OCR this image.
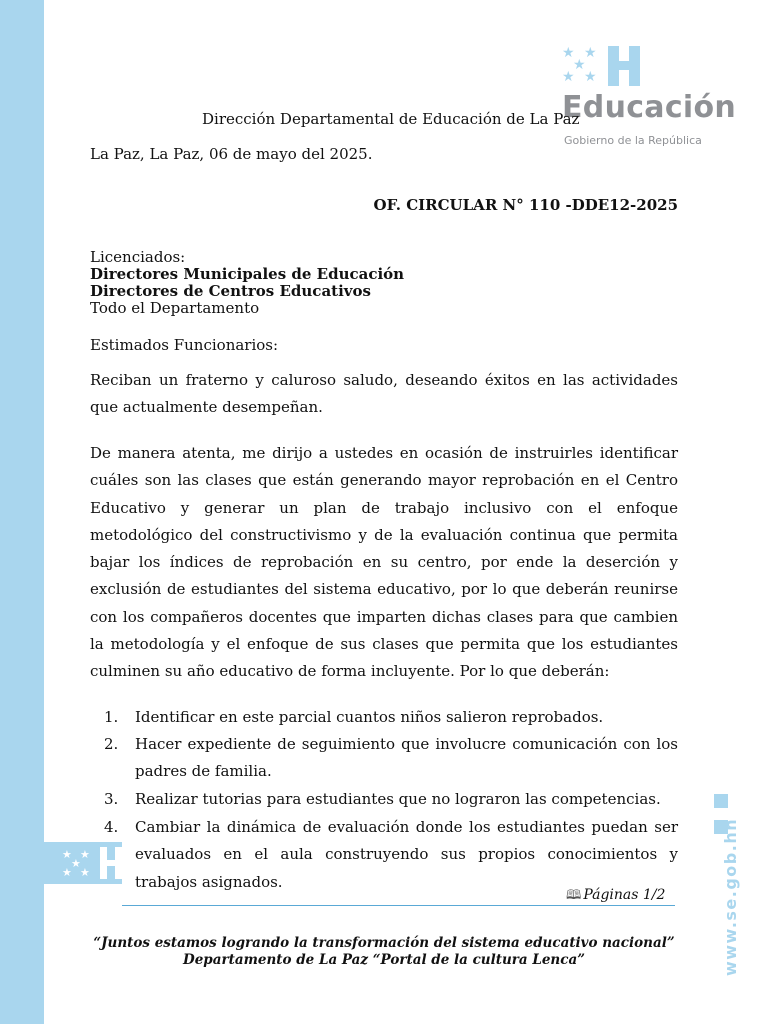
★ ★
★
★ ★
★ ★
★
★ ★
Educación
Gobierno de la República
www.se.gob.hn
Dirección Departamental de Educación de La Paz
La Paz, La Paz, 06 de mayo del 2025.
OF. CIRCULAR N° 110 -DDE12-2025
Licenciados:
Directores Municipales de Educación
Directores de Centros Educativos
Todo el Departamento
Estimados Funcionarios:
Reciban un fraterno y caluroso saludo, deseando éxitos en las actividades que actualmente desempeñan.
De manera atenta, me dirijo a ustedes en ocasión de instruirles identificar cuáles son las clases que están generando mayor reprobación en el Centro Educativo y generar un plan de trabajo inclusivo con el enfoque metodológico del constructivismo y de la evaluación continua que permita bajar los índices de reprobación en su centro, por ende la deserción y exclusión de estudiantes del sistema educativo, por lo que deberán reunirse con los compañeros docentes que imparten dichas clases para que cambien la metodología y el enfoque de sus clases que permita que los estudiantes culminen su año educativo de forma incluyente. Por lo que deberán:
1. Identificar en este parcial cuantos niños salieron reprobados.
2. Hacer expediente de seguimiento que involucre comunicación con los padres de familia.
3. Realizar tutorias para estudiantes que no lograron las competencias.
4. Cambiar la dinámica de evaluación donde los estudiantes puedan ser evaluados en el aula construyendo sus propios conocimientos y trabajos asignados.
🕮 Páginas 1/2
“Juntos estamos logrando la transformación del sistema educativo nacional”
Departamento de La Paz “Portal de la cultura Lenca”
